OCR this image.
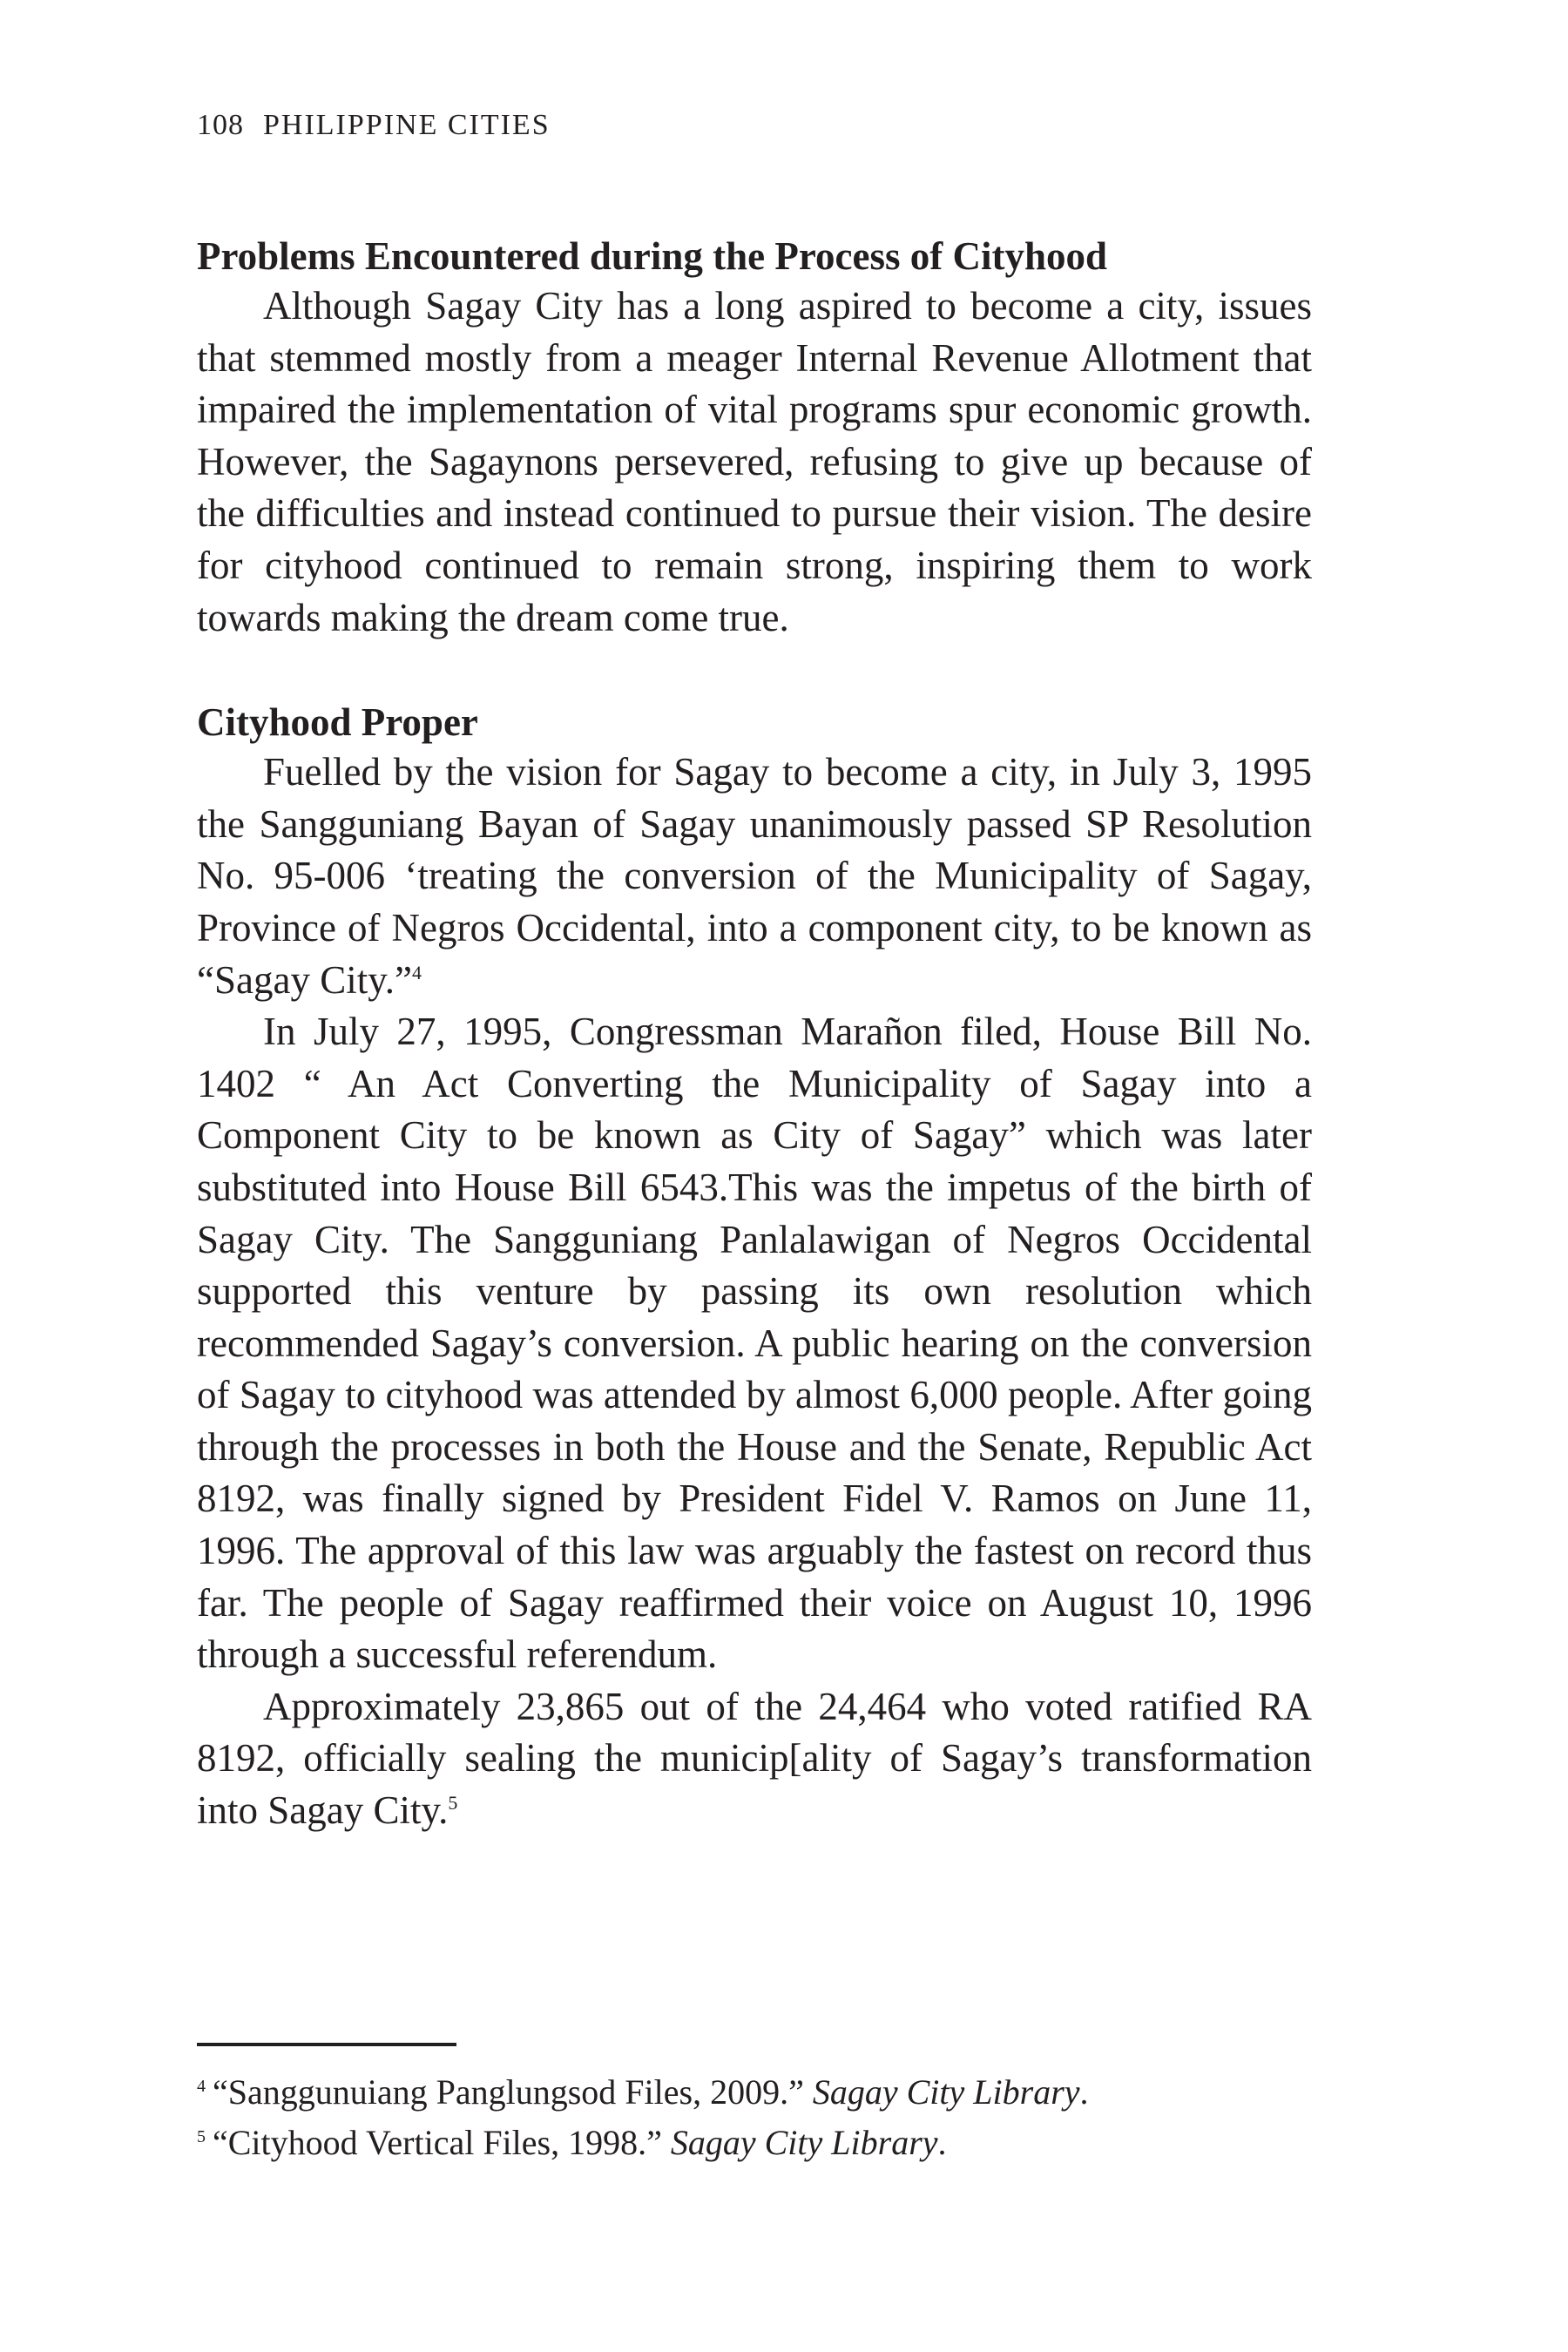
108 PHILIPPINE CITIES

Problems Encountered during the Process of Cityhood

Although Sagay City has a long aspired to become a city, issues that stemmed mostly from a meager Internal Revenue Allotment that impaired the implementation of vital programs spur economic growth. However, the Sagaynons persevered, refusing to give up because of the difficulties and instead continued to pursue their vision. The desire for cityhood continued to remain strong, inspiring them to work towards making the dream come true.

Cityhood Proper

Fuelled by the vision for Sagay to become a city, in July 3, 1995 the Sangguniang Bayan of Sagay unanimously passed SP Resolution No. 95-006 ‘treating the conversion of the Municipality of Sagay, Province of Negros Occidental, into a component city, to be known as “Sagay City.”$^4$

In July 27, 1995, Congressman Marañon filed, House Bill No. 1402 “ An Act Converting the Municipality of Sagay into a Component City to be known as City of Sagay” which was later substituted into House Bill 6543.This was the impetus of the birth of Sagay City. The Sangguniang Panlalawigan of Negros Occidental supported this venture by passing its own resolution which recommended Sagay’s conversion. A public hearing on the conversion of Sagay to cityhood was attended by almost 6,000 people. After going through the processes in both the House and the Senate, Republic Act 8192, was finally signed by President Fidel V. Ramos on June 11, 1996. The approval of this law was arguably the fastest on record thus far. The people of Sagay reaffirmed their voice on August 10, 1996 through a successful referendum.

Approximately 23,865 out of the 24,464 who voted ratified RA 8192, officially sealing the municip[ality of Sagay’s transformation into Sagay City.$^5$

$^4$ “Sanggunuiang Panglungsod Files, 2009.” Sagay City Library.

$^5$ “Cityhood Vertical Files, 1998.” Sagay City Library.
